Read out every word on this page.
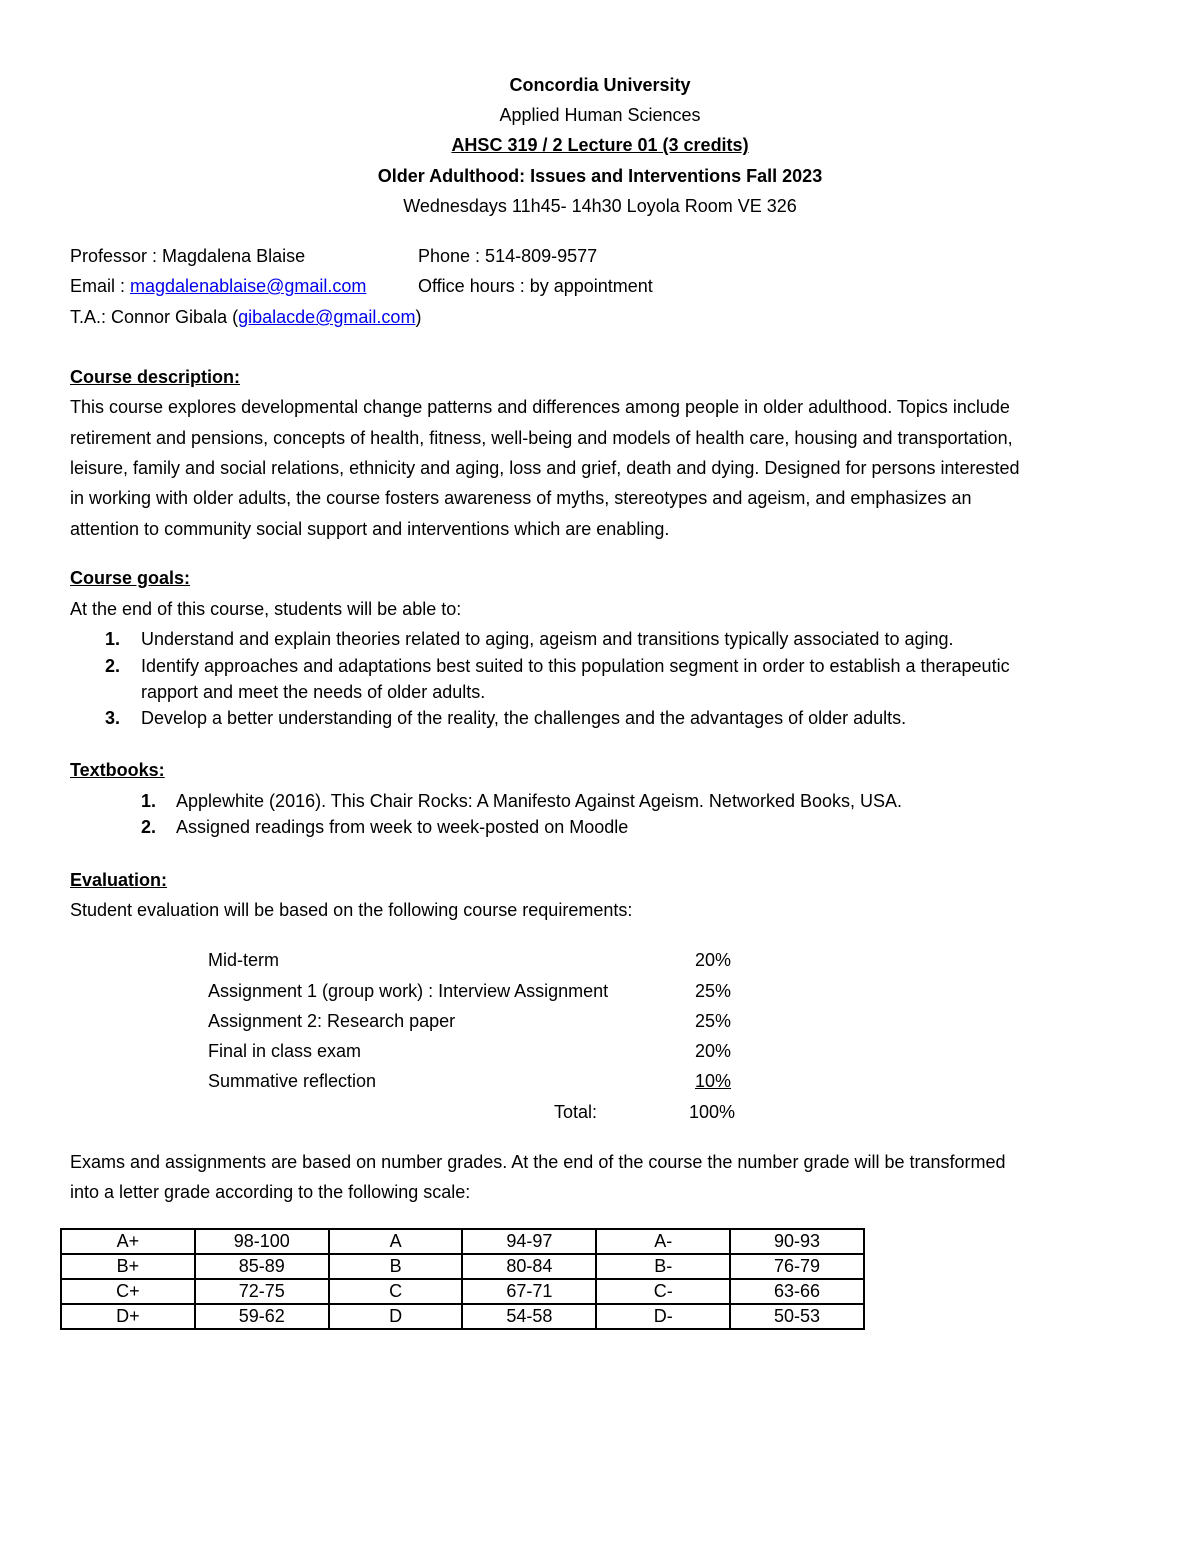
Concordia University
Applied Human Sciences
AHSC 319 / 2 Lecture 01 (3 credits)
Older Adulthood: Issues and Interventions Fall 2023
Wednesdays 11h45- 14h30 Loyola Room VE 326
Professor : Magdalena Blaise	Phone : 514-809-9577
Email : magdalenablaise@gmail.com	Office hours : by appointment
T.A.: Connor Gibala (gibalacde@gmail.com)
Course description:
This course explores developmental change patterns and differences among people in older adulthood. Topics include
retirement and pensions, concepts of health, fitness, well-being and models of health care, housing and transportation,
leisure, family and social relations, ethnicity and aging, loss and grief, death and dying. Designed for persons interested
in working with older adults, the course fosters awareness of myths, stereotypes and ageism, and emphasizes an
attention to community social support and interventions which are enabling.
Course goals:
At the end of this course, students will be able to:
1. Understand and explain theories related to aging, ageism and transitions typically associated to aging.
2. Identify approaches and adaptations best suited to this population segment in order to establish a therapeutic
rapport and meet the needs of older adults.
3. Develop a better understanding of the reality, the challenges and the advantages of older adults.
Textbooks:
1. Applewhite (2016). This Chair Rocks: A Manifesto Against Ageism. Networked Books, USA.
2. Assigned readings from week to week-posted on Moodle
Evaluation:
Student evaluation will be based on the following course requirements:
Mid-term	20%
Assignment 1 (group work) : Interview Assignment	25%
Assignment 2: Research paper	25%
Final in class exam	20%
Summative reflection	10%
Total:	100%
Exams and assignments are based on number grades. At the end of the course the number grade will be transformed
into a letter grade according to the following scale:
A+	98-100	A	94-97	A-	90-93
B+	85-89	B	80-84	B-	76-79
C+	72-75	C	67-71	C-	63-66
D+	59-62	D	54-58	D-	50-53
